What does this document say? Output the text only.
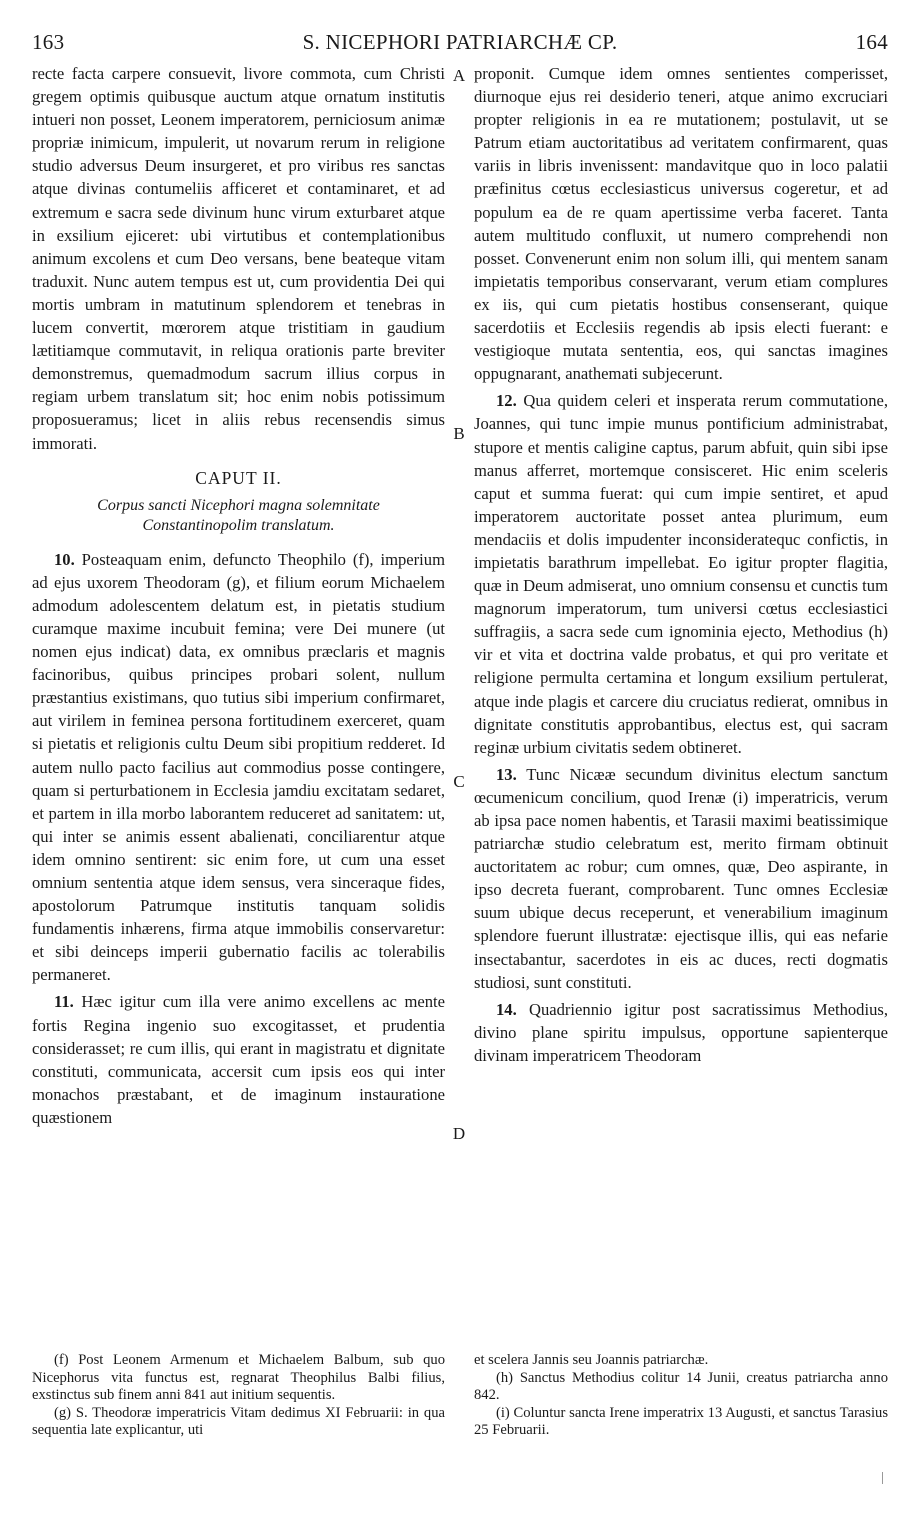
163	S. NICEPHORI PATRIARCHÆ CP.	164
A
B
C
D

recte facta carpere consuevit, livore commota, cum Christi gregem optimis quibusque auctum atque ornatum institutis intueri non posset, Leonem imperatorem, perniciosum animæ propriæ inimicum, impulerit, ut novarum rerum in religione studio adversus Deum insurgeret, et pro viribus res sanctas atque divinas contumeliis afficeret et contaminaret, et ad extremum e sacra sede divinum hunc virum exturbaret atque in exsilium ejiceret: ubi virtutibus et contemplationibus animum excolens et cum Deo versans, bene beateque vitam traduxit. Nunc autem tempus est ut, cum providentia Dei qui mortis umbram in matutinum splendorem et tenebras in lucem convertit, mœrorem atque tristitiam in gaudium lætitiamque commutavit, in reliqua orationis parte breviter demonstremus, quemadmodum sacrum illius corpus in regiam urbem translatum sit; hoc enim nobis potissimum proposueramus; licet in aliis rebus recensendis simus immorati.

CAPUT II.
Corpus sancti Nicephori magna solemnitate Constantinopolim translatum.

10. Posteaquam enim, defuncto Theophilo (f), imperium ad ejus uxorem Theodoram (g), et filium eorum Michaelem admodum adolescentem delatum est, in pietatis studium curamque maxime incubuit femina; vere Dei munere (ut nomen ejus indicat) data, ex omnibus præclaris et magnis facinoribus, quibus principes probari solent, nullum præstantius existimans, quo tutius sibi imperium confirmaret, aut virilem in feminea persona fortitudinem exerceret, quam si pietatis et religionis cultu Deum sibi propitium redderet. Id autem nullo pacto facilius aut commodius posse contingere, quam si perturbationem in Ecclesia jamdiu excitatam sedaret, et partem in illa morbo laborantem reduceret ad sanitatem: ut, qui inter se animis essent abalienati, conciliarentur atque idem omnino sentirent: sic enim fore, ut cum una esset omnium sententia atque idem sensus, vera sinceraque fides, apostolorum Patrumque institutis tanquam solidis fundamentis inhærens, firma atque immobilis conservaretur: et sibi deinceps imperii gubernatio facilis ac tolerabilis permaneret.

11. Hæc igitur cum illa vere animo excellens ac mente fortis Regina ingenio suo excogitasset, et prudentia considerasset; re cum illis, qui erant in magistratu et dignitate constituti, communicata, accersit cum ipsis eos qui inter monachos præstabant, et de imaginum instauratione quæstionem

proponit. Cumque idem omnes sentientes comperisset, diurnoque ejus rei desiderio teneri, atque animo excruciari propter religionis in ea re mutationem; postulavit, ut se Patrum etiam auctoritatibus ad veritatem confirmarent, quas variis in libris invenissent: mandavitque quo in loco palatii præfinitus cœtus ecclesiasticus universus cogeretur, et ad populum ea de re quam apertissime verba faceret. Tanta autem multitudo confluxit, ut numero comprehendi non posset. Convenerunt enim non solum illi, qui mentem sanam impietatis temporibus conservarant, verum etiam complures ex iis, qui cum pietatis hostibus consenserant, quique sacerdotiis et Ecclesiis regendis ab ipsis electi fuerant: e vestigioque mutata sententia, eos, qui sanctas imagines oppugnarant, anathemati subjecerunt.

12. Qua quidem celeri et insperata rerum commutatione, Joannes, qui tunc impie munus pontificium administrabat, stupore et mentis caligine captus, parum abfuit, quin sibi ipse manus afferret, mortemque consisceret. Hic enim sceleris caput et summa fuerat: qui cum impie sentiret, et apud imperatorem auctoritate posset antea plurimum, eum mendaciis et dolis impudenter inconsideratequc confictis, in impietatis barathrum impellebat. Eo igitur propter flagitia, quæ in Deum admiserat, uno omnium consensu et cunctis tum magnorum imperatorum, tum universi cœtus ecclesiastici suffragiis, a sacra sede cum ignominia ejecto, Methodius (h) vir et vita et doctrina valde probatus, et qui pro veritate et religione permulta certamina et longum exsilium pertulerat, atque inde plagis et carcere diu cruciatus redierat, omnibus in dignitate constitutis approbantibus, electus est, qui sacram reginæ urbium civitatis sedem obtineret.

13. Tunc Nicææ secundum divinitus electum sanctum œcumenicum concilium, quod Irenæ (i) imperatricis, verum ab ipsa pace nomen habentis, et Tarasii maximi beatissimique patriarchæ studio celebratum est, merito firmam obtinuit auctoritatem ac robur; cum omnes, quæ, Deo aspirante, in ipso decreta fuerant, comprobarent. Tunc omnes Ecclesiæ suum ubique decus receperunt, et venerabilium imaginum splendore fuerunt illustratæ: ejectisque illis, qui eas nefarie insectabantur, sacerdotes in eis ac duces, recti dogmatis studiosi, sunt constituti.

14. Quadriennio igitur post sacratissimus Methodius, divino plane spiritu impulsus, opportune sapienterque divinam imperatricem Theodoram

(f) Post Leonem Armenum et Michaelem Balbum, sub quo Nicephorus vita functus est, regnarat Theophilus Balbi filius, exstinctus sub finem anni 841 aut initium sequentis.

(g) S. Theodoræ imperatricis Vitam dedimus XI Februarii: in qua sequentia late explicantur, uti

et scelera Jannis seu Joannis patriarchæ.

(h) Sanctus Methodius colitur 14 Junii, creatus patriarcha anno 842.

(i) Coluntur sancta Irene imperatrix 13 Augusti, et sanctus Tarasius 25 Februarii.
